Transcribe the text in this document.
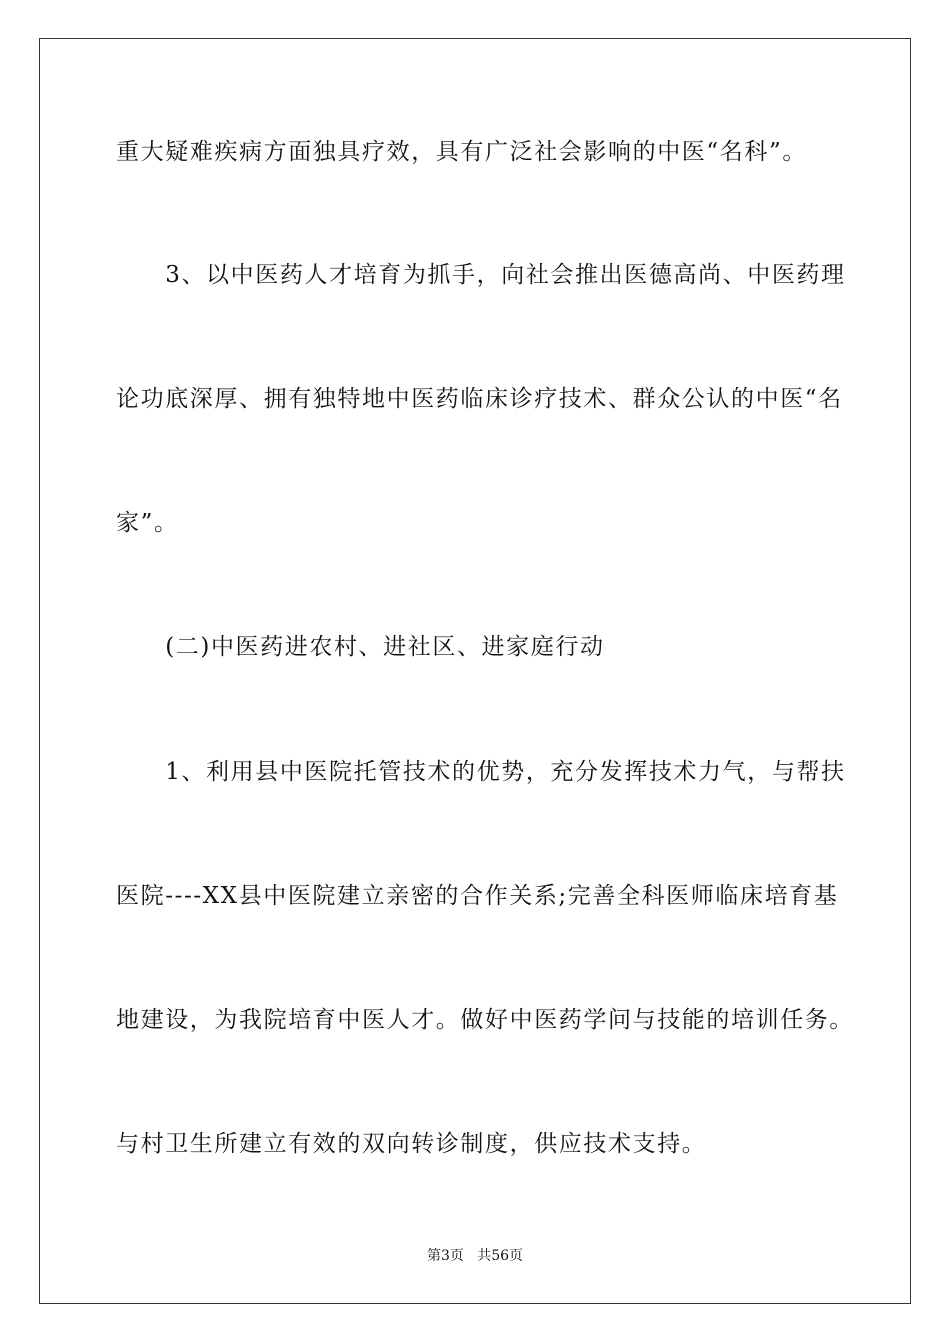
重大疑难疾病方面独具疗效，具有广泛社会影响的中医“名科”。
　　3、以中医药人才培育为抓手，向社会推出医德高尚、中医药理
论功底深厚、拥有独特地中医药临床诊疗技术、群众公认的中医“名
家”。
　　(二)中医药进农村、进社区、进家庭行动
　　1、利用县中医院托管技术的优势，充分发挥技术力气，与帮扶
医院----XX县中医院建立亲密的合作关系;完善全科医师临床培育基
地建设，为我院培育中医人才。做好中医药学问与技能的培训任务。
与村卫生所建立有效的双向转诊制度，供应技术支持。
第3页   共56页
